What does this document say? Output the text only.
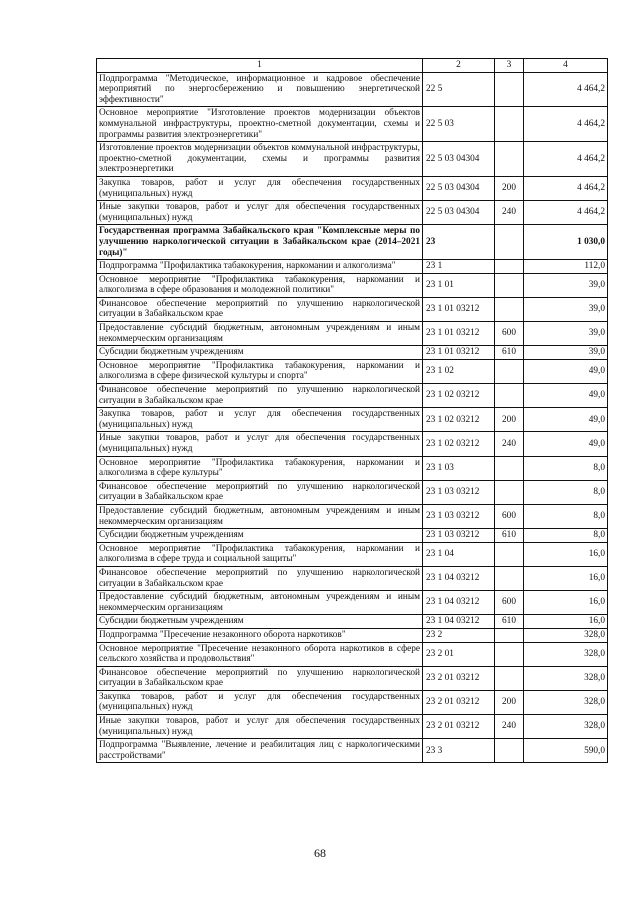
1	2	3	4
Подпрограмма "Методическое, информационное и кадровое обеспечение мероприятий по энергосбережению и повышению энергетической эффективности"	22 5		4 464,2
Основное мероприятие "Изготовление проектов модернизации объектов коммунальной инфраструктуры, проектно-сметной документации, схемы и программы развития электроэнергетики"	22 5 03		4 464,2
Изготовление проектов модернизации объектов коммунальной инфраструктуры, проектно-сметной документации, схемы и программы развития электроэнергетики	22 5 03 04304		4 464,2
Закупка товаров, работ и услуг для обеспечения государственных (муниципальных) нужд	22 5 03 04304	200	4 464,2
Иные закупки товаров, работ и услуг для обеспечения государственных (муниципальных) нужд	22 5 03 04304	240	4 464,2
Государственная программа Забайкальского края "Комплексные меры по улучшению наркологической ситуации в Забайкальском крае (2014–2021 годы)"	23		1 030,0
Подпрограмма "Профилактика табакокурения, наркомании и алкоголизма"	23 1		112,0
Основное мероприятие "Профилактика табакокурения, наркомании и алкоголизма в сфере образования и молодежной политики"	23 1 01		39,0
Финансовое обеспечение мероприятий по улучшению наркологической ситуации в Забайкальском крае	23 1 01 03212		39,0
Предоставление субсидий бюджетным, автономным учреждениям и иным некоммерческим организациям	23 1 01 03212	600	39,0
Субсидии бюджетным учреждениям	23 1 01 03212	610	39,0
Основное мероприятие "Профилактика табакокурения, наркомании и алкоголизма в сфере физической культуры и спорта"	23 1 02		49,0
Финансовое обеспечение мероприятий по улучшению наркологической ситуации в Забайкальском крае	23 1 02 03212		49,0
Закупка товаров, работ и услуг для обеспечения государственных (муниципальных) нужд	23 1 02 03212	200	49,0
Иные закупки товаров, работ и услуг для обеспечения государственных (муниципальных) нужд	23 1 02 03212	240	49,0
Основное мероприятие "Профилактика табакокурения, наркомании и алкоголизма в сфере культуры"	23 1 03		8,0
Финансовое обеспечение мероприятий по улучшению наркологической ситуации в Забайкальском крае	23 1 03 03212		8,0
Предоставление субсидий бюджетным, автономным учреждениям и иным некоммерческим организациям	23 1 03 03212	600	8,0
Субсидии бюджетным учреждениям	23 1 03 03212	610	8,0
Основное мероприятие "Профилактика табакокурения, наркомании и алкоголизма в сфере труда и социальной защиты"	23 1 04		16,0
Финансовое обеспечение мероприятий по улучшению наркологической ситуации в Забайкальском крае	23 1 04 03212		16,0
Предоставление субсидий бюджетным, автономным учреждениям и иным некоммерческим организациям	23 1 04 03212	600	16,0
Субсидии бюджетным учреждениям	23 1 04 03212	610	16,0
Подпрограмма "Пресечение незаконного оборота наркотиков"	23 2		328,0
Основное мероприятие "Пресечение незаконного оборота наркотиков в сфере сельского хозяйства и продовольствия"	23 2 01		328,0
Финансовое обеспечение мероприятий по улучшению наркологической ситуации в Забайкальском крае	23 2 01 03212		328,0
Закупка товаров, работ и услуг для обеспечения государственных (муниципальных) нужд	23 2 01 03212	200	328,0
Иные закупки товаров, работ и услуг для обеспечения государственных (муниципальных) нужд	23 2 01 03212	240	328,0
Подпрограмма "Выявление, лечение и реабилитация лиц с наркологическими расстройствами"	23 3		590,0
68
